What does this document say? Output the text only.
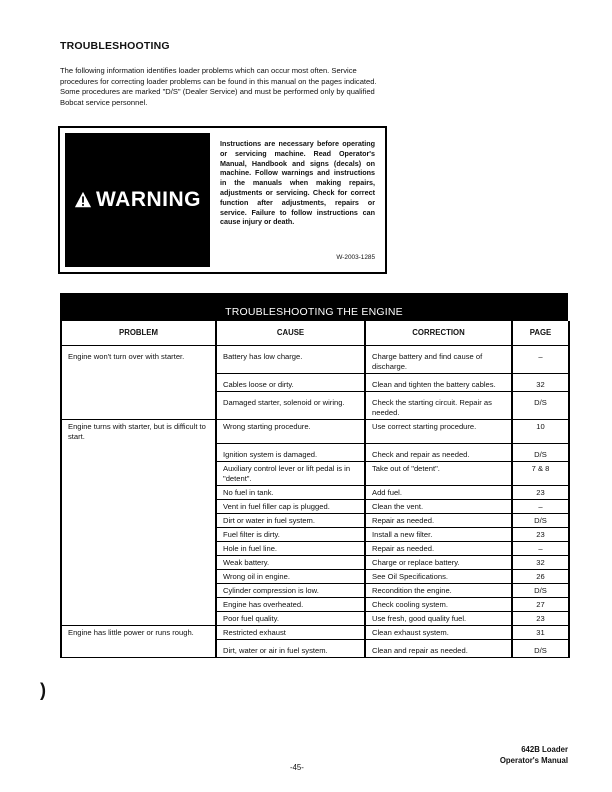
TROUBLESHOOTING
The following information identifies loader problems which can occur most often. Service procedures for correcting loader problems can be found in this manual on the pages indicated. Some procedures are marked "D/S" (Dealer Service) and must be performed only by qualified Bobcat service personnel.
WARNING
Instructions are necessary before operating or servicing machine. Read Operator's Manual, Handbook and signs (decals) on machine. Follow warnings and instructions in the manuals when making repairs, adjustments or servicing. Check for correct function after adjustments, repairs or service. Failure to follow instructions can cause injury or death.
W-2003-1285
TROUBLESHOOTING THE ENGINE
PROBLEM	CAUSE	CORRECTION	PAGE

Engine won't turn over with starter.	Battery has low charge.	Charge battery and find cause of discharge.	–

	Cables loose or dirty.	Clean and tighten the battery cables.	32

	Damaged starter, solenoid or wiring.	Check the starting circuit. Repair as needed.	D/S
Engine turns with starter, but is difficult to start.	Wrong starting procedure.	Use correct starting procedure.	10

	Ignition system is damaged.	Check and repair as needed.	D/S
	Auxiliary control lever or lift pedal is in "detent".	Take out of "detent".	7 & 8
	No fuel in tank.	Add fuel.	23
	Vent in fuel filler cap is plugged.	Clean the vent.	–
	Dirt or water in fuel system.	Repair as needed.	D/S
	Fuel filter is dirty.	Install a new filter.	23
	Hole in fuel line.	Repair as needed.	–
	Weak battery.	Charge or replace battery.	32
	Wrong oil in engine.	See Oil Specifications.	26
	Cylinder compression is low.	Recondition the engine.	D/S
	Engine has overheated.	Check cooling system.	27
	Poor fuel quality.	Use fresh, good quality fuel.	23
Engine has little power or runs rough.	Restricted exhaust	Clean exhaust system.	31

	Dirt, water or air in fuel system.	Clean and repair as needed.	D/S
)
-45-
642B Loader
Operator's Manual
